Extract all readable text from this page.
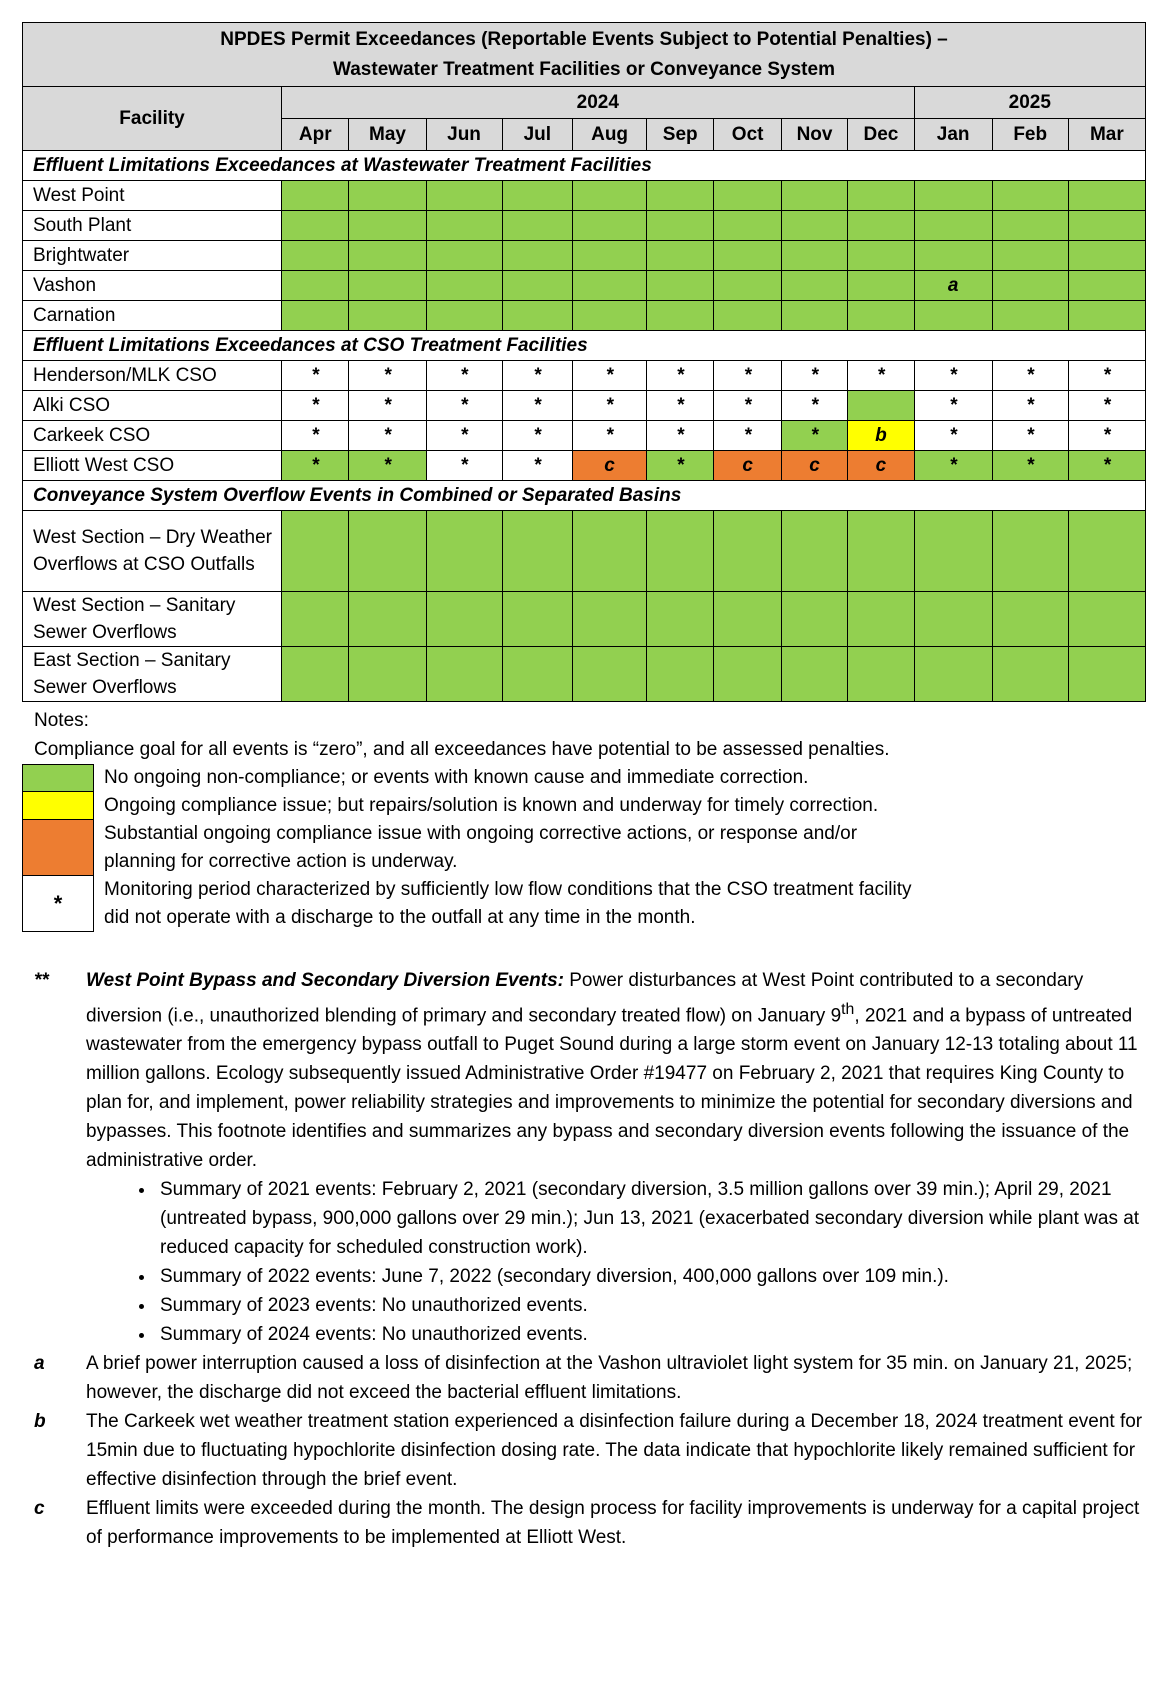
NPDES Permit Exceedances (Reportable Events Subject to Potential Penalties) –
Wastewater Treatment Facilities or Conveyance System												

Facility	2024									2025		
	Apr	May	Jun	Jul	Aug	Sep	Oct	Nov	Dec	Jan	Feb	Mar
Effluent Limitations Exceedances at Wastewater Treatment Facilities												
West Point												
South Plant												
Brightwater												
Vashon										a		
Carnation												
Effluent Limitations Exceedances at CSO Treatment Facilities												
Henderson/MLK CSO	*	*	*	*	*	*	*	*	*	*	*	*
Alki CSO	*	*	*	*	*	*	*	*		*	*	*
Carkeek CSO	*	*	*	*	*	*	*	*	b	*	*	*
Elliott West CSO	*	*	*	*	c	*	c	c	c	*	*	*
Conveyance System Overflow Events in Combined or Separated Basins												
West Section – Dry Weather Overflows at CSO Outfalls												
West Section – Sanitary Sewer Overflows												
East Section – Sanitary Sewer Overflows												
Notes:
Compliance goal for all events is “zero”, and all exceedances have potential to be assessed penalties.
No ongoing non-compliance; or events with known cause and immediate correction.
Ongoing compliance issue; but repairs/solution is known and underway for timely correction.
Substantial ongoing compliance issue with ongoing corrective actions, or response and/or planning for corrective action is underway.
*
Monitoring period characterized by sufficiently low flow conditions that the CSO treatment facility did not operate with a discharge to the outfall at any time in the month.
**	West Point Bypass and Secondary Diversion Events: Power disturbances at West Point contributed to a secondary diversion (i.e., unauthorized blending of primary and secondary treated flow) on January 9th, 2021 and a bypass of untreated wastewater from the emergency bypass outfall to Puget Sound during a large storm event on January 12-13 totaling about 11 million gallons. Ecology subsequently issued Administrative Order #19477 on February 2, 2021 that requires King County to plan for, and implement, power reliability strategies and improvements to minimize the potential for secondary diversions and bypasses. This footnote identifies and summarizes any bypass and secondary diversion events following the issuance of the administrative order.
• Summary of 2021 events: February 2, 2021 (secondary diversion, 3.5 million gallons over 39 min.); April 29, 2021 (untreated bypass, 900,000 gallons over 29 min.); Jun 13, 2021 (exacerbated secondary diversion while plant was at reduced capacity for scheduled construction work).
• Summary of 2022 events: June 7, 2022 (secondary diversion, 400,000 gallons over 109 min.).
• Summary of 2023 events: No unauthorized events.
• Summary of 2024 events: No unauthorized events.
a	A brief power interruption caused a loss of disinfection at the Vashon ultraviolet light system for 35 min. on January 21, 2025; however, the discharge did not exceed the bacterial effluent limitations.
b	The Carkeek wet weather treatment station experienced a disinfection failure during a December 18, 2024 treatment event for 15min due to fluctuating hypochlorite disinfection dosing rate. The data indicate that hypochlorite likely remained sufficient for effective disinfection through the brief event.
c	Effluent limits were exceeded during the month. The design process for facility improvements is underway for a capital project of performance improvements to be implemented at Elliott West.
